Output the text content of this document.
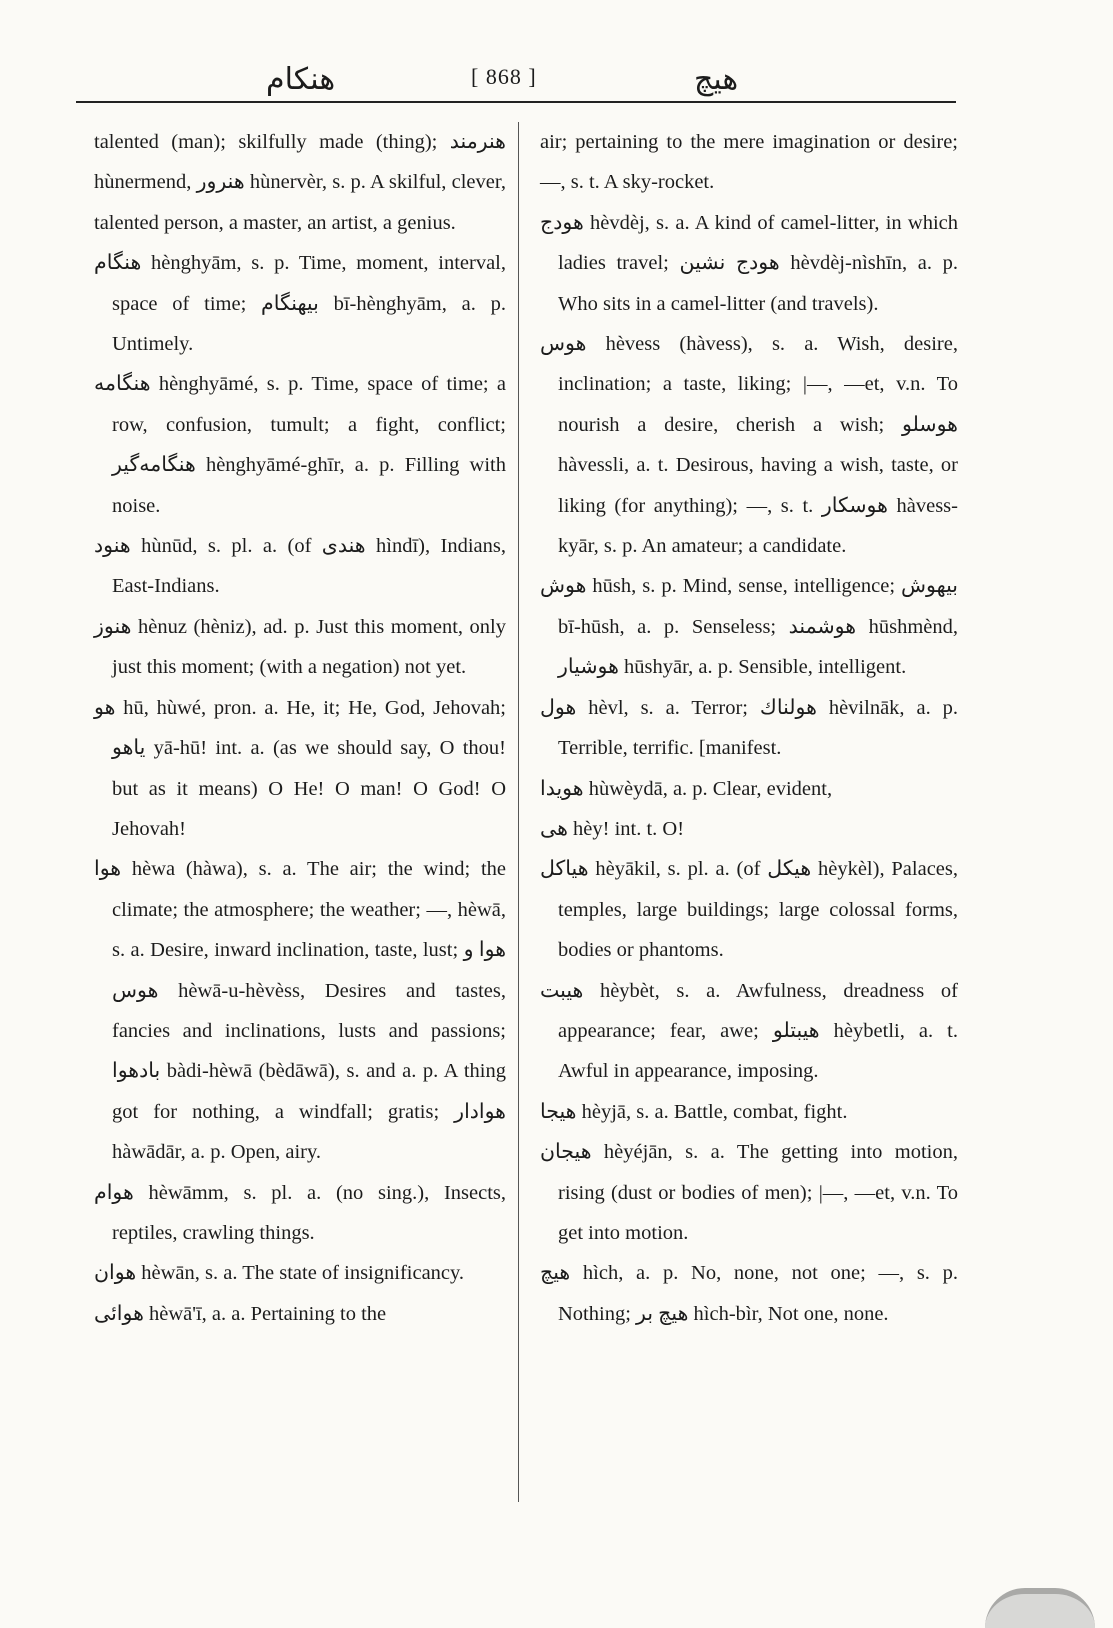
هنكام	[ 868 ]	هيچ
talented (man); skilfully made (thing); هنرمند hùnermend, هنرور hùnervèr, s. p. A skilful, clever, talented person, a master, an artist, a genius.
هنگام hènghyām, s. p. Time, moment, interval, space of time; بيهنگام bī-hènghyām, a. p. Untimely.
هنگامه hènghyāmé, s. p. Time, space of time; a row, confusion, tumult; a fight, conflict; هنگامه‌گير hènghyāmé-ghīr, a. p. Filling with noise.
هنود hùnūd, s. pl. a. (of هندى hìndī), Indians, East-Indians.
هنوز hènuz (hèniz), ad. p. Just this moment, only just this moment; (with a negation) not yet.
هو hū, hùwé, pron. a. He, it; He, God, Jehovah; ياهو yā-hū! int. a. (as we should say, O thou! but as it means) O He! O man! O God! O Jehovah!
هوا hèwa (hàwa), s. a. The air; the wind; the climate; the atmosphere; the weather; —, hèwā, s. a. Desire, inward inclination, taste, lust; هوا و هوس hèwā-u-hèvèss, Desires and tastes, fancies and inclinations, lusts and passions; بادهوا bàdi-hèwā (bèdāwā), s. and a. p. A thing got for nothing, a windfall; gratis; هوادار hàwādār, a. p. Open, airy.
هوام hèwāmm, s. pl. a. (no sing.), Insects, reptiles, crawling things.
هوان hèwān, s. a. The state of insignificancy.
هوائى hèwā'ī, a. a. Pertaining to the
air; pertaining to the mere imagination or desire; —, s. t. A sky-rocket.
هودج hèvdèj, s. a. A kind of camel-litter, in which ladies travel; هودج نشين hèvdèj-nìshīn, a. p. Who sits in a camel-litter (and travels).
هوس hèvess (hàvess), s. a. Wish, desire, inclination; a taste, liking; |—, —et, v.n. To nourish a desire, cherish a wish; هوسلو hàvessli, a. t. Desirous, having a wish, taste, or liking (for anything); —, s. t. هوسكار hàvess-kyār, s. p. An amateur; a candidate.
هوش hūsh, s. p. Mind, sense, intelligence; بيهوش bī-hūsh, a. p. Senseless; هوشمند hūshmènd, هوشيار hūshyār, a. p. Sensible, intelligent.
هول hèvl, s. a. Terror; هولناك hèvilnāk, a. p. Terrible, terrific. [manifest.
هويدا hùwèydā, a. p. Clear, evident,
هى hèy! int. t. O!
هياكل hèyākil, s. pl. a. (of هيكل hèykèl), Palaces, temples, large buildings; large colossal forms, bodies or phantoms.
هيبت hèybèt, s. a. Awfulness, dreadness of appearance; fear, awe; هيبتلو hèybetli, a. t. Awful in appearance, imposing.
هيجا hèyjā, s. a. Battle, combat, fight.
هيجان hèyéjān, s. a. The getting into motion, rising (dust or bodies of men); |—, —et, v.n. To get into motion.
هيچ hìch, a. p. No, none, not one; —, s. p. Nothing; هيچ بر hìch-bìr, Not one, none.
